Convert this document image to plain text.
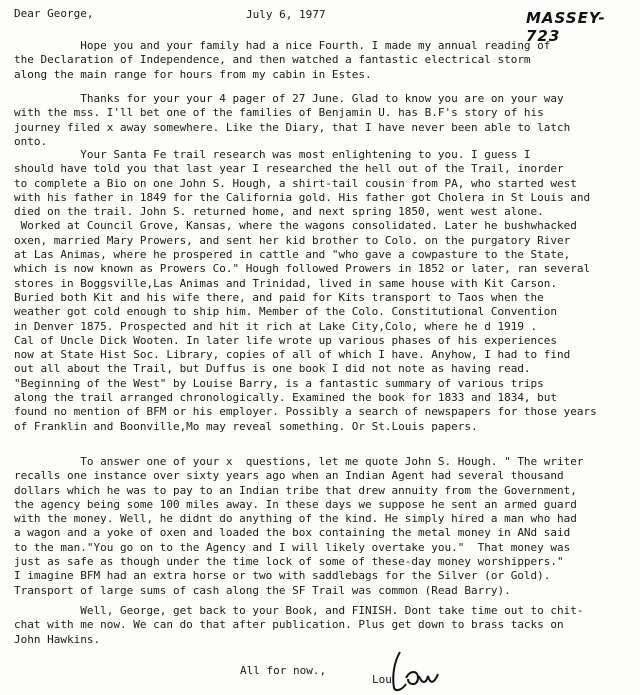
Dear George,	July 6, 1977	MASSEY-723
Hope you and your family had a nice Fourth. I made my annual reading of
the Declaration of Independence, and then watched a fantastic electrical storm
along the main range for hours from my cabin in Estes.
Thanks for your your 4 pager of 27 June. Glad to know you are on your way
with the mss. I'll bet one of the families of Benjamin U. has B.F's story of his
journey filed x away somewhere. Like the Diary, that I have never been able to latch
onto.
Your Santa Fe trail research was most enlightening to you. I guess I
should have told you that last year I researched the hell out of the Trail, inorder
to complete a Bio on one John S. Hough, a shirt-tail cousin from PA, who started west
with his father in 1849 for the California gold. His father got Cholera in St Louis and
died on the trail. John S. returned home, and next spring 1850, went west alone.
Worked at Council Grove, Kansas, where the wagons consolidated. Later he bushwhacked
oxen, married Mary Prowers, and sent her kid brother to Colo. on the purgatory River
at Las Animas, where he prospered in cattle and "who gave a cowpasture to the State,
which is now known as Prowers Co." Hough followed Prowers in 1852 or later, ran several
stores in Boggsville,Las Animas and Trinidad, lived in same house with Kit Carson.
Buried both Kit and his wife there, and paid for Kits transport to Taos when the
weather got cold enough to ship him. Member of the Colo. Constitutional Convention
in Denver 1875. Prospected and hit it rich at Lake City,Colo, where he d 1919 .
Cal of Uncle Dick Wooten. In later life wrote up various phases of his experiences
now at State Hist Soc. Library, copies of all of which I have. Anyhow, I had to find
out all about the Trail, but Duffus is one book I did not note as having read.
"Beginning of the West" by Louise Barry, is a fantastic summary of various trips
along the trail arranged chronologically. Examined the book for 1833 and 1834, but
found no mention of BFM or his employer. Possibly a search of newspapers for those years
of Franklin and Boonville,Mo may reveal something. Or St.Louis papers.
To answer one of your x  questions, let me quote John S. Hough. " The writer
recalls one instance over sixty years ago when an Indian Agent had several thousand
dollars which he was to pay to an Indian tribe that drew annuity from the Government,
the agency being some 100 miles away. In these days we suppose he sent an armed guard
with the money. Well, he didnt do anything of the kind. He simply hired a man who had
a wagon and a yoke of oxen and loaded the box containing the metal money in ANd said
to the man."You go on to the Agency and I will likely overtake you."  That money was
just as safe as though under the time lock of some of these-day money worshippers."
I imagine BFM had an extra horse or two with saddlebags for the Silver (or Gold).
Transport of large sums of cash along the SF Trail was common (Read Barry).
Well, George, get back to your Book, and FINISH. Dont take time out to chit-
chat with me now. We can do that after publication. Plus get down to brass tacks on
John Hawkins.
All for now.,
Lou
